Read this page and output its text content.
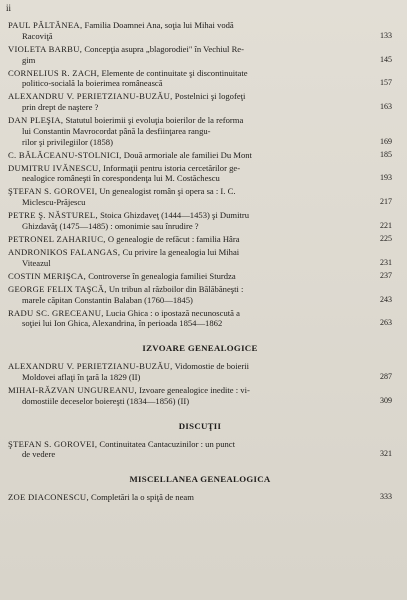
ii
PAUL PĂLTĂNEA, Familia Doamnei Ana, soţia lui Mihai vodă
Racoviţă	133
VIOLETA BARBU, Concepţia asupra „blagorodiei" în Vechiul Re-
gim	145
CORNELIUS R. ZACH, Elemente de continuitate şi discontinuitate
politico-socială la boierimea românească	157
ALEXANDRU V. PERIETZIANU-BUZĂU, Postelnici şi logofeţi
prin drept de naştere ?	163
DAN PLEŞIA, Statutul boierimii şi evoluţia boierilor de la reforma
lui Constantin Mavrocordat până la desfiinţarea rangu-
rilor şi privilegiilor (1858)	169
C. BĂLĂCEANU-STOLNICI, Două armoriale ale familiei Du Mont	185
DUMITRU IVĂNESCU, Informaţii pentru istoria cercetărilor ge-
nealogice româneşti în corespondenţa lui M. Costăchescu	193
ŞTEFAN S. GOROVEI, Un genealogist român şi opera sa : I. C.
Miclescu-Prăjescu	217
PETRE Ş. NĂSTUREL, Stoica Ghizdaveţ (1444—1453) şi Dumitru
Ghizdavăţ (1475—1485) : omonimie sau înrudire ?	221
PETRONEL ZAHARIUC, O genealogie de refăcut : familia Hâra	225
ANDRONIKOS FALANGAS, Cu privire la genealogia lui Mihai
Viteazul	231
COSTIN MERIŞCA, Controverse în genealogia familiei Sturdza	237
GEORGE FELIX TAŞCĂ, Un tribun al războilor din Bălăbăneşti :
marele căpitan Constantin Balaban (1760—1845)	243
RADU SC. GRECEANU, Lucia Ghica : o ipostază necunoscută a
soţiei lui Ion Ghica, Alexandrina, în perioada 1854—1862	263
IZVOARE GENEALOGICE
ALEXANDRU V. PERIETZIANU-BUZĂU, Vidomostie de boierii
Moldovei aflaţi în ţară la 1829 (II)	287
MIHAI-RĂZVAN UNGUREANU, Izvoare genealogice inedite : vi-
domostiile deceselor boiereşti (1834—1856) (II)	309
DISCUŢII
ŞTEFAN S. GOROVEI, Continuitatea Cantacuzinilor : un punct
de vedere	321
MISCELLANEA GENEALOGICA
ZOE DIACONESCU, Completări la o spiţă de neam	333
